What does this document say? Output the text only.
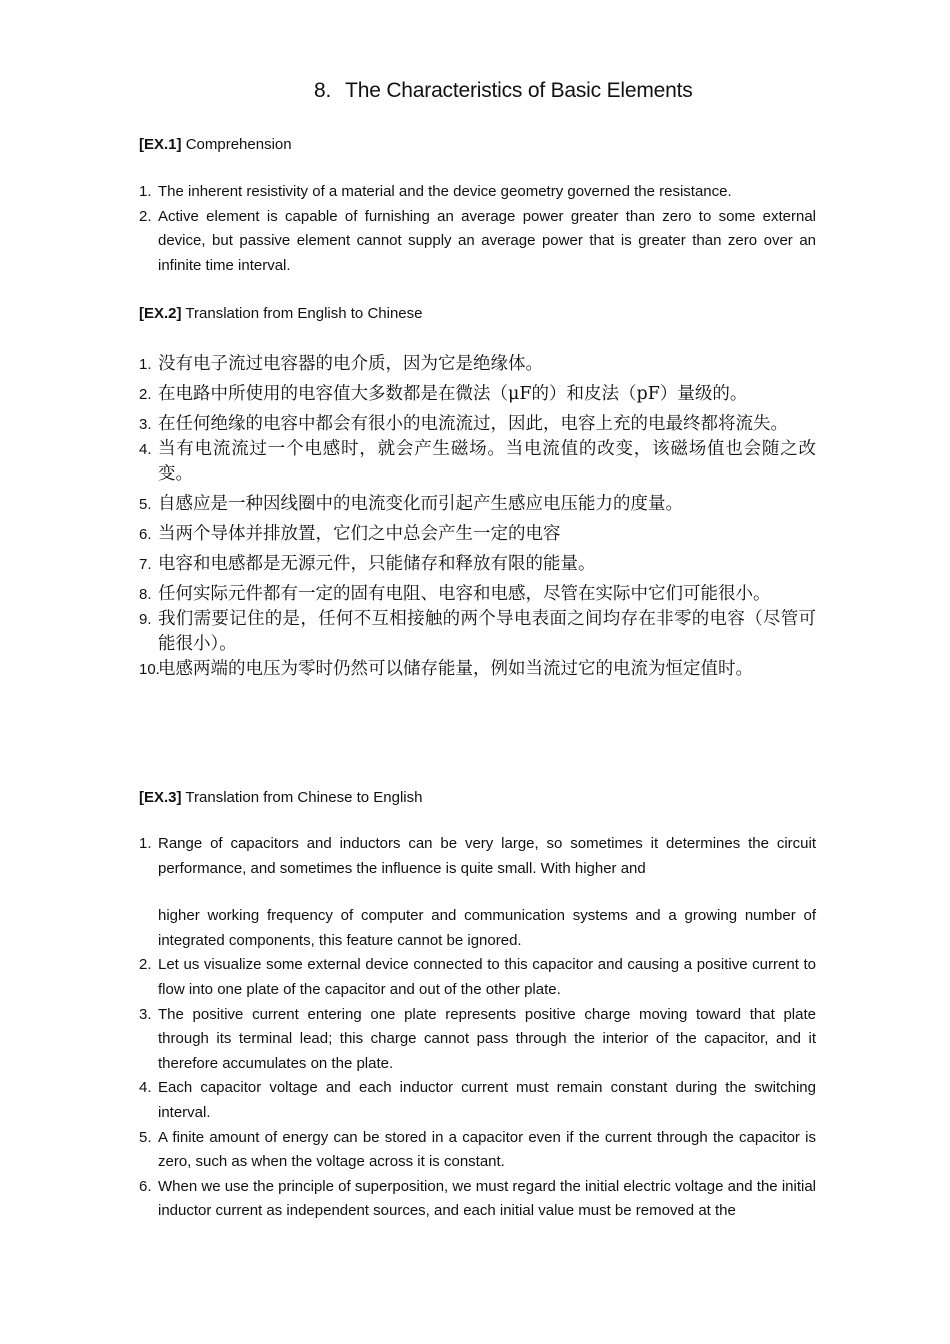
8. The Characteristics of Basic Elements

[EX.1] Comprehension

1. The inherent resistivity of a material and the device geometry governed the resistance.
2. Active element is capable of furnishing an average power greater than zero to some external device, but passive element cannot supply an average power that is greater than zero over an infinite time interval.

[EX.2] Translation from English to Chinese

1. 没有电子流过电容器的电介质，因为它是绝缘体。
2. 在电路中所使用的电容值大多数都是在微法（μF的）和皮法（pF）量级的。
3. 在任何绝缘的电容中都会有很小的电流流过，因此，电容上充的电最终都将流失。
4. 当有电流流过一个电感时，就会产生磁场。当电流值的改变，该磁场值也会随之改变。
5. 自感应是一种因线圈中的电流变化而引起产生感应电压能力的度量。
6. 当两个导体并排放置，它们之中总会产生一定的电容
7. 电容和电感都是无源元件，只能储存和释放有限的能量。
8. 任何实际元件都有一定的固有电阻、电容和电感，尽管在实际中它们可能很小。
9. 我们需要记住的是，任何不互相接触的两个导电表面之间均存在非零的电容（尽管可能很小）。
10.
电感两端的电压为零时仍然可以储存能量，例如当流过它的电流为恒定值时。

[EX.3] Translation from Chinese to English

1. Range of capacitors and inductors can be very large, so sometimes it determines the circuit performance, and sometimes the influence is quite small. With higher and
higher working frequency of computer and communication systems and a growing number of integrated components, this feature cannot be ignored.
2. Let us visualize some external device connected to this capacitor and causing a positive current to flow into one plate of the capacitor and out of the other plate.
3. The positive current entering one plate represents positive charge moving toward that plate through its terminal lead; this charge cannot pass through the interior of the capacitor, and it therefore accumulates on the plate.
4. Each capacitor voltage and each inductor current must remain constant during the switching interval.
5. A finite amount of energy can be stored in a capacitor even if the current through the capacitor is zero, such as when the voltage across it is constant.
6. When we use the principle of superposition, we must regard the initial electric voltage and the initial inductor current as independent sources, and each initial value must be removed at the
